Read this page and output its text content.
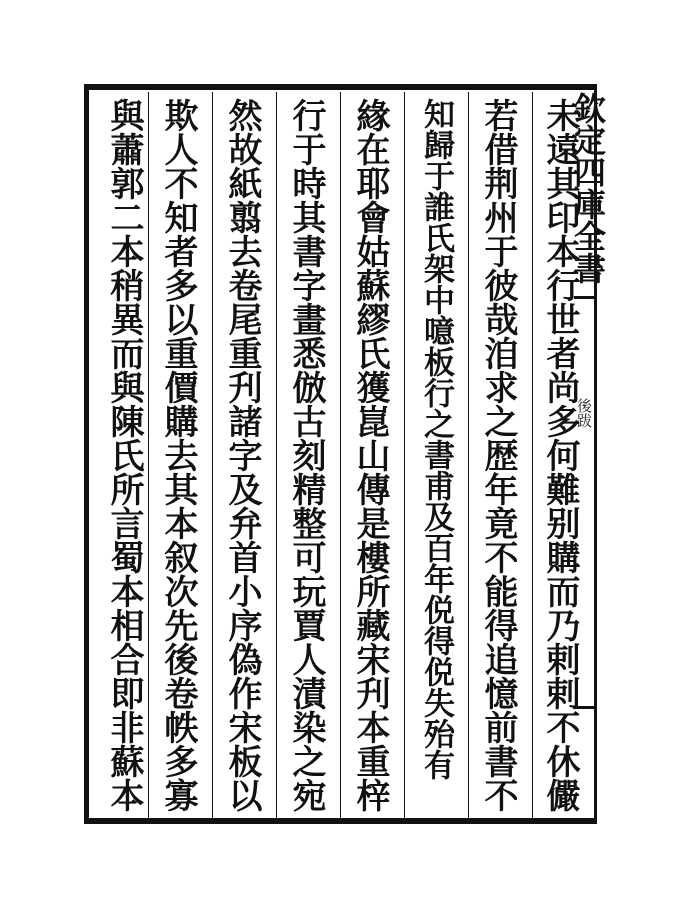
欽定四庫全書
後跋
未遠其印本行世者尚多何難别購而乃剌剌不休儼
若借荆州于彼哉洎求之歴年竟不能得追憶前書不
知歸于誰氏架中噫板行之書甫及百年侻得侻失殆有
緣在耶會姑蘇繆氏獲崑山傳是樓所藏宋刋本重梓
行于時其書字畫悉倣古刻精整可玩賈人漬染之宛
然故紙翦去卷尾重刋諸字及弁首小序偽作宋板以
欺人不知者多以重價購去其本叙次先後卷帙多寡
與蕭郭二本稍異而與陳氏所言蜀本相合即非蘇本
